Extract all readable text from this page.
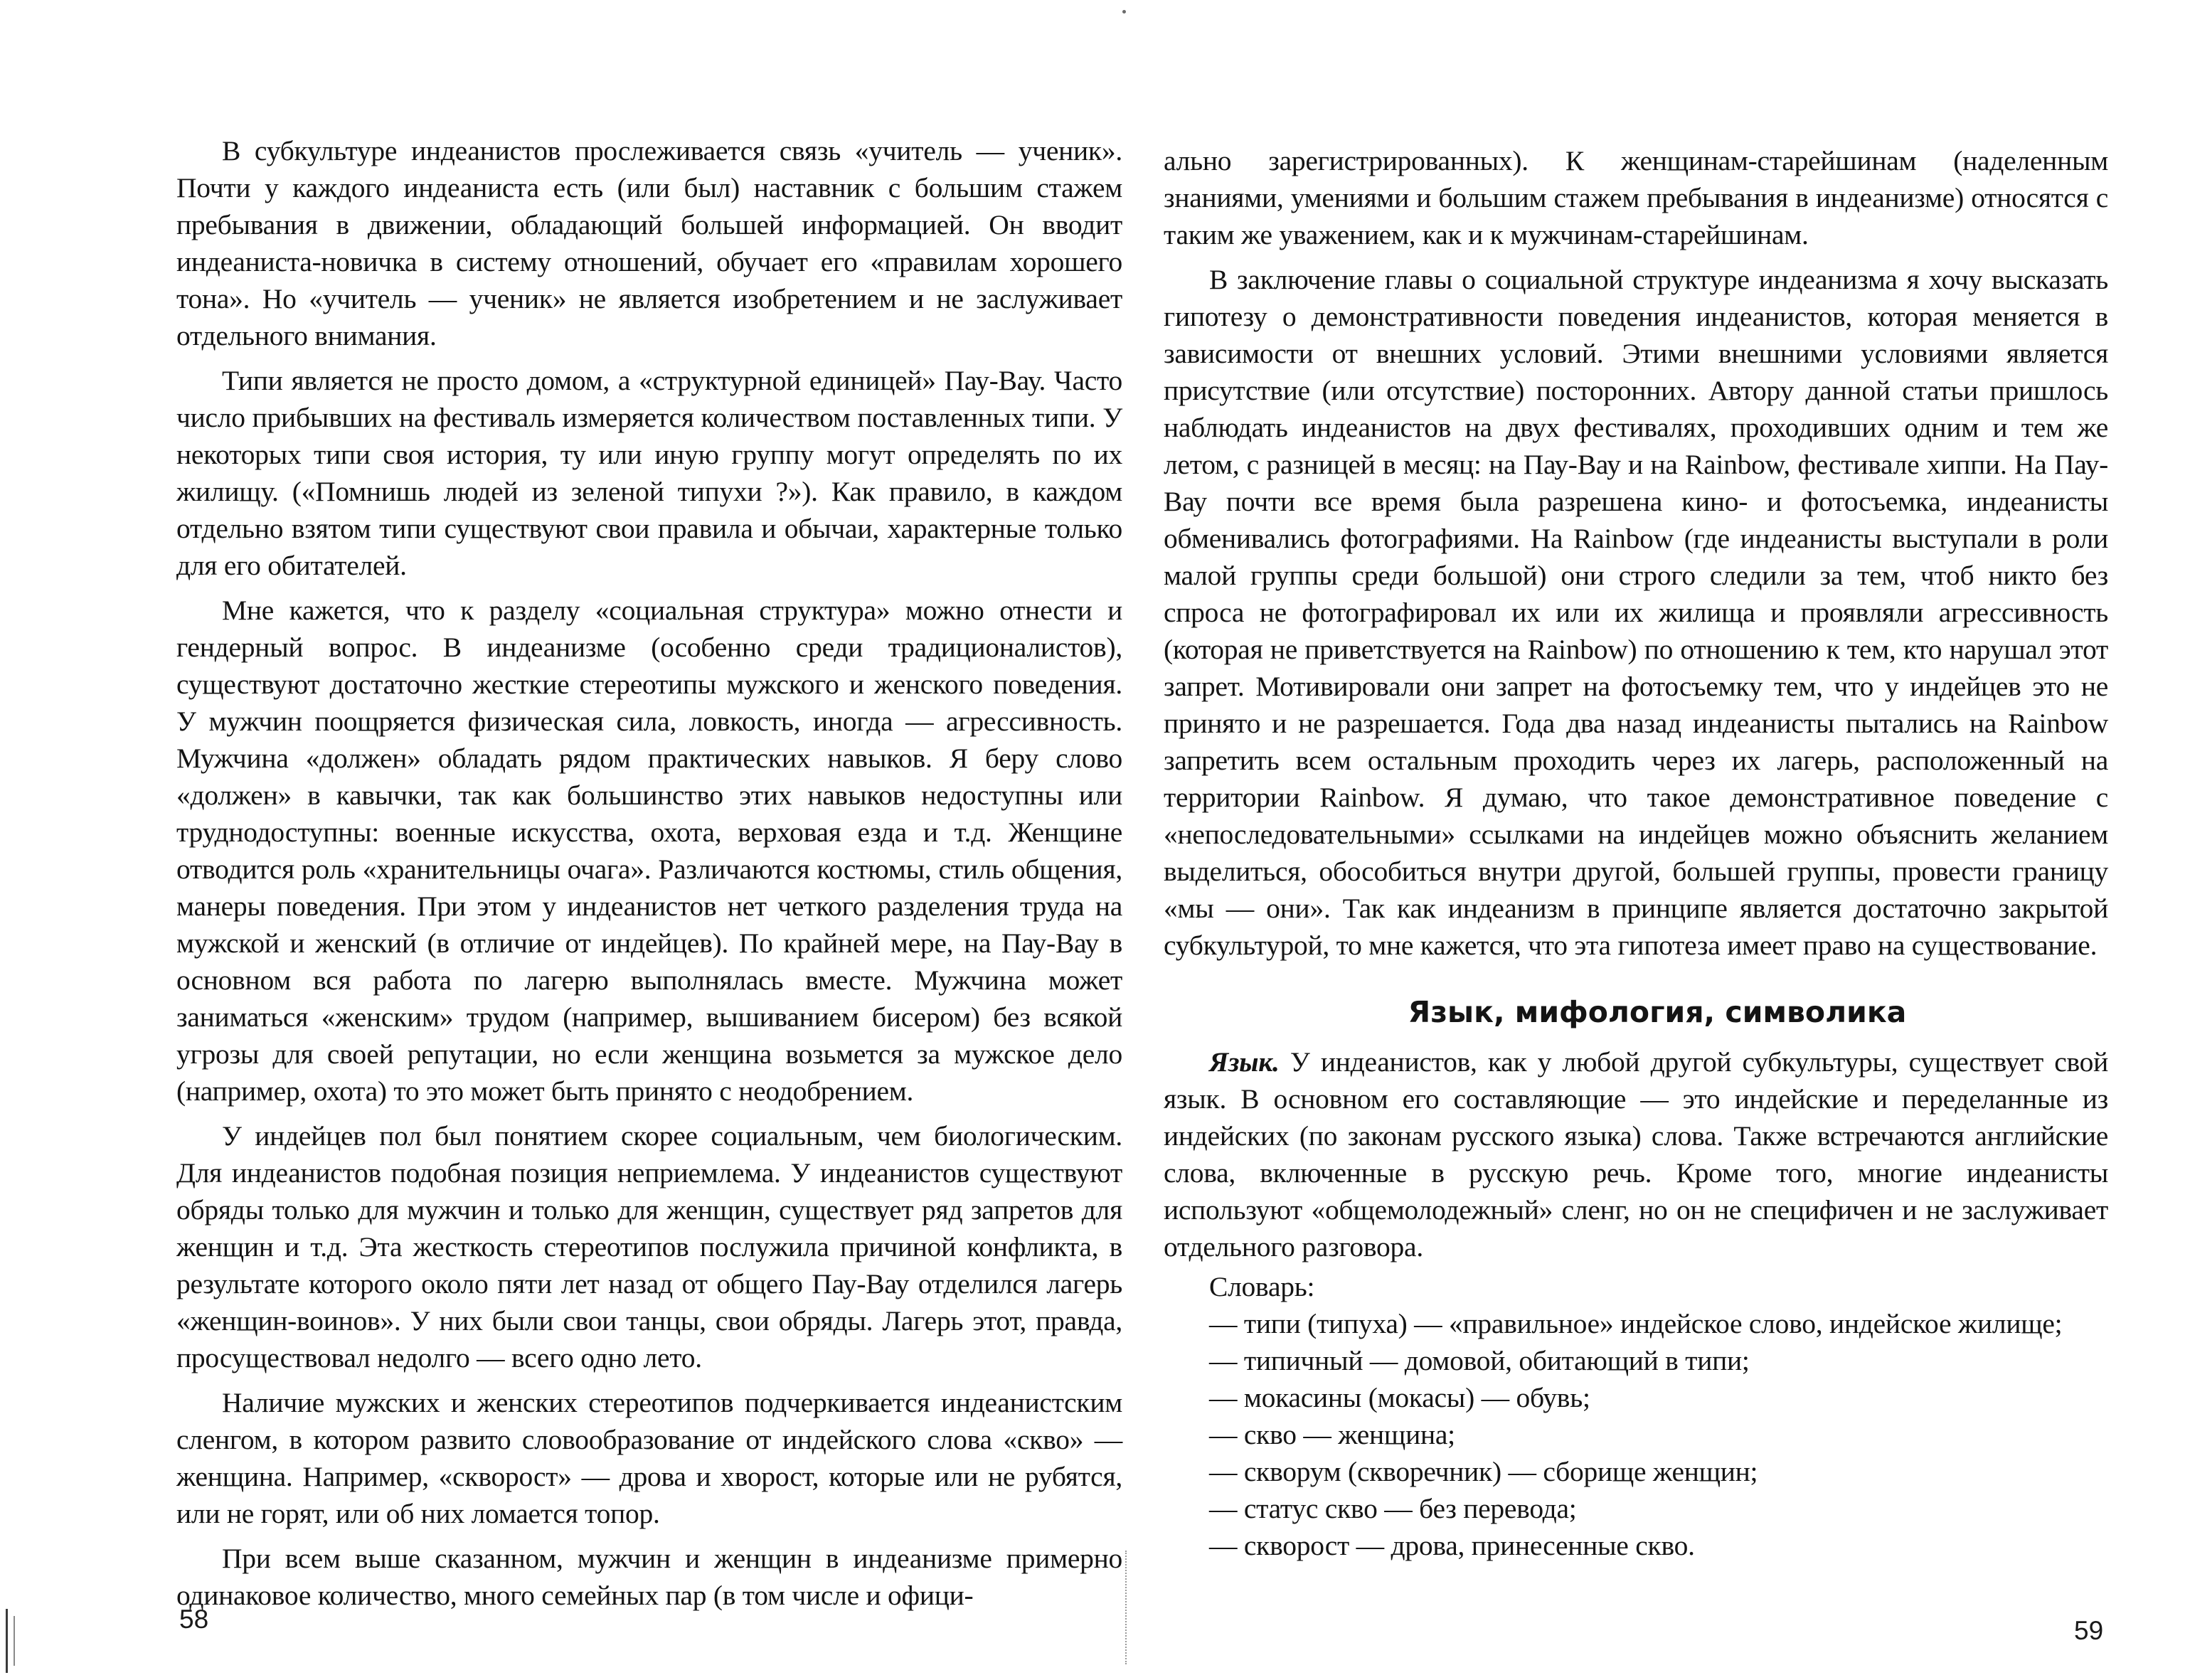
В субкультуре индеанистов прослеживается связь «учитель — ученик». Почти у каждого индеаниста есть (или был) наставник с большим стажем пребывания в движении, обладающий большей информацией. Он вводит индеаниста-новичка в систему отношений, обучает его «правилам хорошего тона». Но «учитель — ученик» не является изобретением и не заслуживает отдельного внимания.

Типи является не просто домом, а «структурной единицей» Пау-Вау. Часто число прибывших на фестиваль измеряется количеством поставленных типи. У некоторых типи своя история, ту или иную группу могут определять по их жилищу. («Помнишь людей из зеленой типухи ?»). Как правило, в каждом отдельно взятом типи существуют свои правила и обычаи, характерные только для его обитателей.

Мне кажется, что к разделу «социальная структура» можно отнести и гендерный вопрос. В индеанизме (особенно среди традиционалистов), существуют достаточно жесткие стереотипы мужского и женского поведения. У мужчин поощряется физическая сила, ловкость, иногда — агрессивность. Мужчина «должен» обладать рядом практических навыков. Я беру слово «должен» в кавычки, так как большинство этих навыков недоступны или труднодоступны: военные искусства, охота, верховая езда и т.д. Женщине отводится роль «хранительницы очага». Различаются костюмы, стиль общения, манеры поведения. При этом у индеанистов нет четкого разделения труда на мужской и женский (в отличие от индейцев). По крайней мере, на Пау-Вау в основном вся работа по лагерю выполнялась вместе. Мужчина может заниматься «женским» трудом (например, вышиванием бисером) без всякой угрозы для своей репутации, но если женщина возьмется за мужское дело (например, охота) то это может быть принято с неодобрением.

У индейцев пол был понятием скорее социальным, чем биологическим. Для индеанистов подобная позиция неприемлема. У индеанистов существуют обряды только для мужчин и только для женщин, существует ряд запретов для женщин и т.д. Эта жесткость стереотипов послужила причиной конфликта, в результате которого около пяти лет назад от общего Пау-Вау отделился лагерь «женщин-воинов». У них были свои танцы, свои обряды. Лагерь этот, правда, просуществовал недолго — всего одно лето.

Наличие мужских и женских стереотипов подчеркивается индеанистским сленгом, в котором развито словообразование от индейского слова «скво» — женщина. Например, «скворост» — дрова и хворост, которые или не рубятся, или не горят, или об них ломается топор.

При всем выше сказанном, мужчин и женщин в индеанизме примерно одинаковое количество, много семейных пар (в том числе и офици-

58

ально зарегистрированных). К женщинам-старейшинам (наделенным знаниями, умениями и большим стажем пребывания в индеанизме) относятся с таким же уважением, как и к мужчинам-старейшинам.

В заключение главы о социальной структуре индеанизма я хочу высказать гипотезу о демонстративности поведения индеанистов, которая меняется в зависимости от внешних условий. Этими внешними условиями является присутствие (или отсутствие) посторонних. Автору данной статьи пришлось наблюдать индеанистов на двух фестивалях, проходивших одним и тем же летом, с разницей в месяц: на Пау-Вау и на Rainbow, фестивале хиппи. На Пау-Вау почти все время была разрешена кино- и фотосъемка, индеанисты обменивались фотографиями. На Rainbow (где индеанисты выступали в роли малой группы среди большой) они строго следили за тем, чтоб никто без спроса не фотографировал их или их жилища и проявляли агрессивность (которая не приветствуется на Rainbow) по отношению к тем, кто нарушал этот запрет. Мотивировали они запрет на фотосъемку тем, что у индейцев это не принято и не разрешается. Года два назад индеанисты пытались на Rainbow запретить всем остальным проходить через их лагерь, расположенный на территории Rainbow. Я думаю, что такое демонстративное поведение с «непоследовательными» ссылками на индейцев можно объяснить желанием выделиться, обособиться внутри другой, большей группы, провести границу «мы — они». Так как индеанизм в принципе является достаточно закрытой субкультурой, то мне кажется, что эта гипотеза имеет право на существование.

Язык, мифология, символика

Язык. У индеанистов, как у любой другой субкультуры, существует свой язык. В основном его составляющие — это индейские и переделанные из индейских (по законам русского языка) слова. Также встречаются английские слова, включенные в русскую речь. Кроме того, многие индеанисты используют «общемолодежный» сленг, но он не специфичен и не заслуживает отдельного разговора.

Словарь:

— типи (типуха) — «правильное» индейское слово, индейское жилище;
— типичный — домовой, обитающий в типи;
— мокасины (мокасы) — обувь;
— скво — женщина;
— скворум (скворечник) — сборище женщин;
— статус скво — без перевода;
— скворост — дрова, принесенные скво.
59
